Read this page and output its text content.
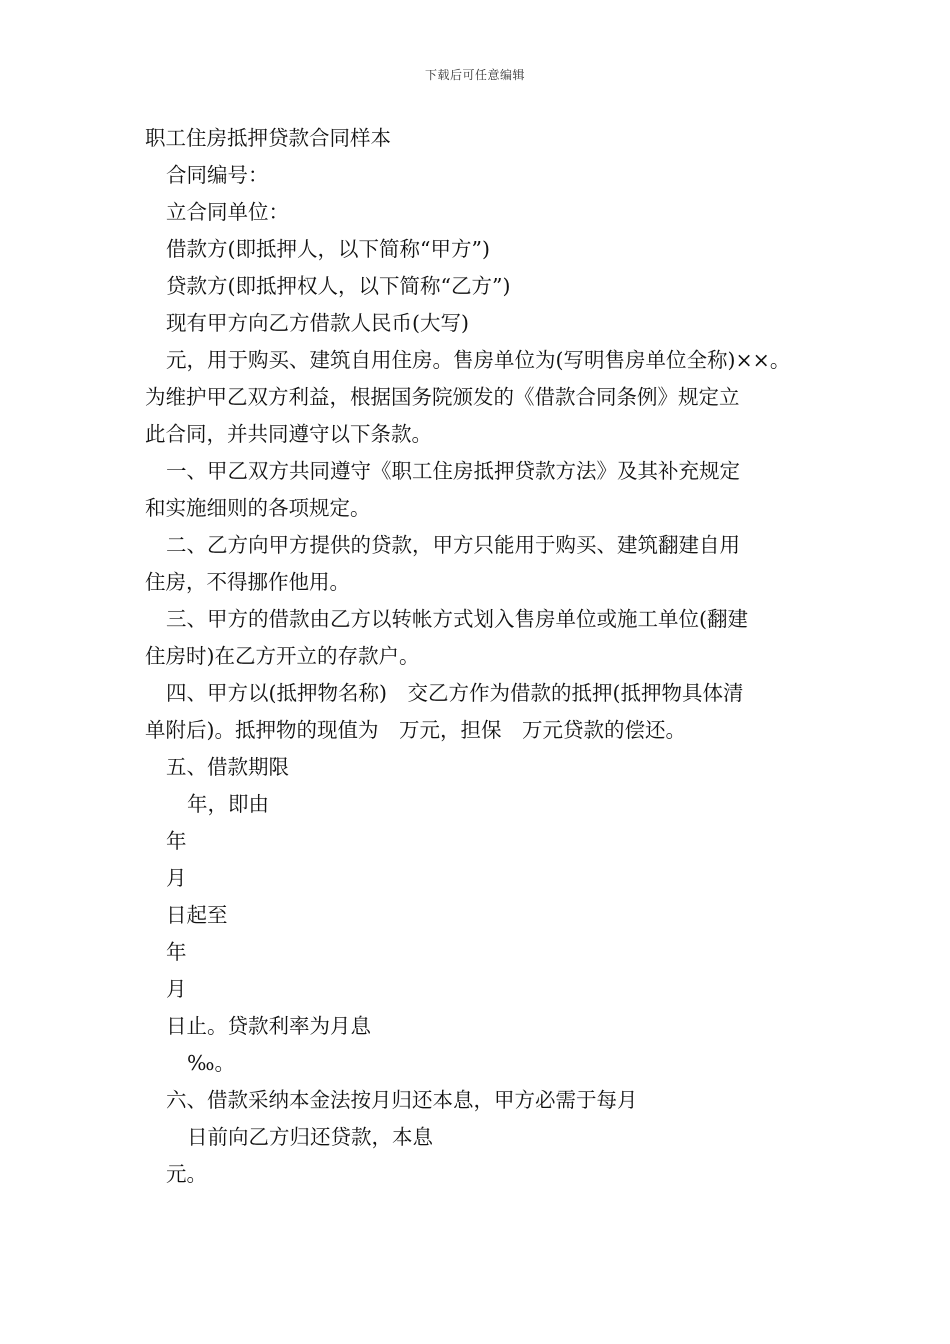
下载后可任意编辑
职工住房抵押贷款合同样本
合同编号：
立合同单位：
借款方(即抵押人，以下简称“甲方”)
贷款方(即抵押权人，以下简称“乙方”)
现有甲方向乙方借款人民币(大写)
元，用于购买、建筑自用住房。售房单位为(写明售房单位全称)××。
为维护甲乙双方利益，根据国务院颁发的《借款合同条例》规定立
此合同，并共同遵守以下条款。
一、甲乙双方共同遵守《职工住房抵押贷款方法》及其补充规定
和实施细则的各项规定。
二、乙方向甲方提供的贷款，甲方只能用于购买、建筑翻建自用
住房，不得挪作他用。
三、甲方的借款由乙方以转帐方式划入售房单位或施工单位(翻建
住房时)在乙方开立的存款户。
四、甲方以(抵押物名称)　交乙方作为借款的抵押(抵押物具体清
单附后)。抵押物的现值为　万元，担保　万元贷款的偿还。
五、借款期限
年，即由
年
月
日起至
年
月
日止。贷款利率为月息
‰。
六、借款采纳本金法按月归还本息，甲方必需于每月
日前向乙方归还贷款，本息
元。
